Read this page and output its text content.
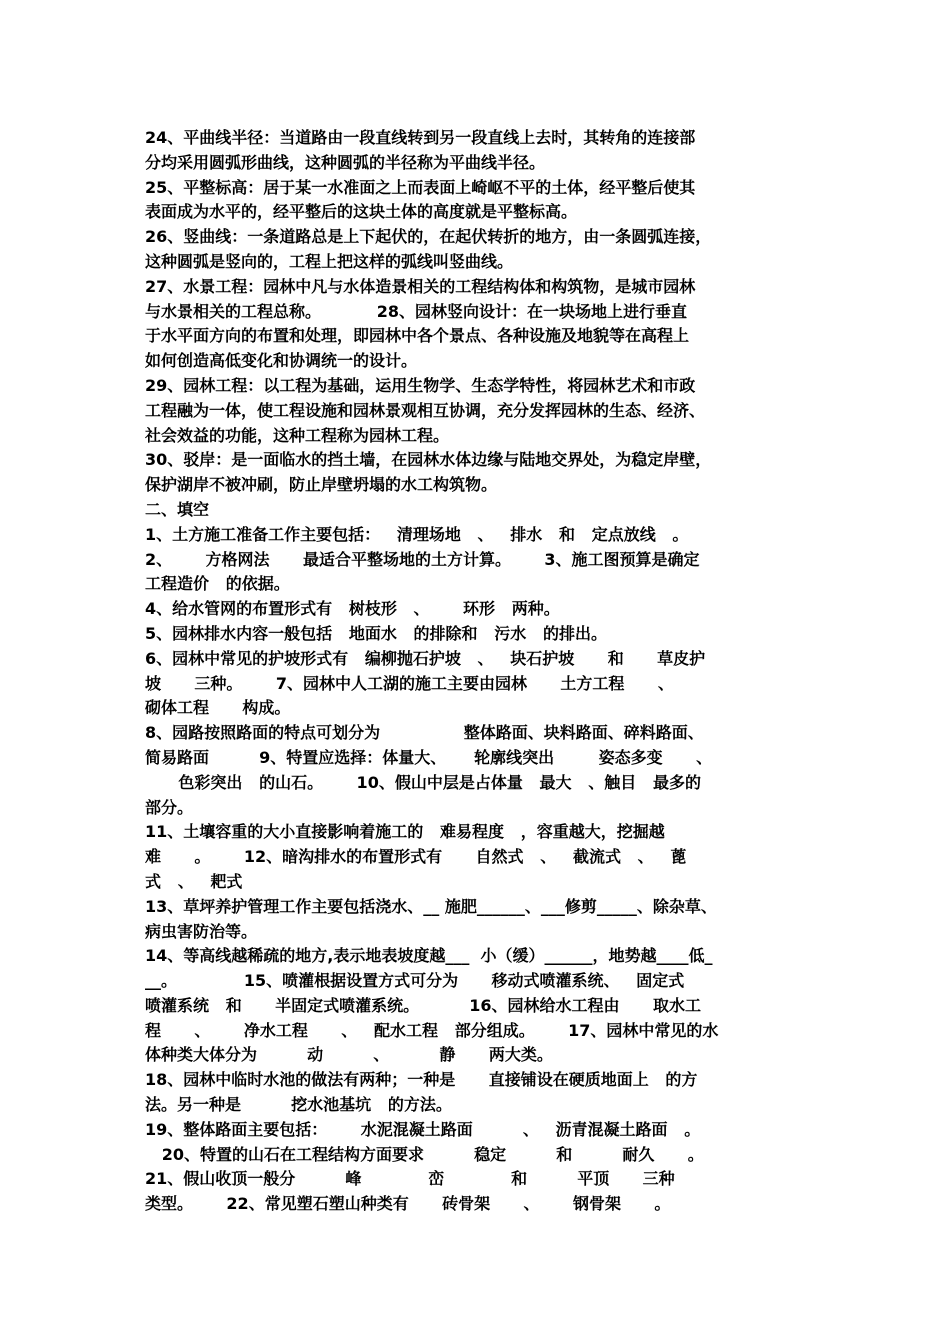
24、平曲线半径：当道路由一段直线转到另一段直线上去时，其转角的连接部
分均采用圆弧形曲线，这种圆弧的半径称为平曲线半径。
25、平整标高：居于某一水准面之上而表面上崎岖不平的土体，经平整后使其
表面成为水平的，经平整后的这块土体的高度就是平整标高。
26、竖曲线：一条道路总是上下起伏的，在起伏转折的地方，由一条圆弧连接，
这种圆弧是竖向的，工程上把这样的弧线叫竖曲线。
27、水景工程：园林中凡与水体造景相关的工程结构体和构筑物，是城市园林
与水景相关的工程总称。          28、园林竖向设计：在一块场地上进行垂直
于水平面方向的布置和处理，即园林中各个景点、各种设施及地貌等在高程上
如何创造高低变化和协调统一的设计。
29、园林工程：以工程为基础，运用生物学、生态学特性，将园林艺术和市政
工程融为一体，使工程设施和园林景观相互协调，充分发挥园林的生态、经济、
社会效益的功能，这种工程称为园林工程。
30、驳岸：是一面临水的挡土墙，在园林水体边缘与陆地交界处，为稳定岸壁，
保护湖岸不被冲刷，防止岸壁坍塌的水工构筑物。
二、填空
1、土方施工准备工作主要包括：   清理场地   、   排水   和   定点放线   。
2、      方格网法      最适合平整场地的土方计算。      3、施工图预算是确定
工程造价   的依据。
4、给水管网的布置形式有   树枝形   、      环形   两种。
5、园林排水内容一般包括   地面水   的排除和   污水   的排出。
6、园林中常见的护坡形式有   编柳抛石护坡   、   块石护坡      和      草皮护
坡      三种。      7、园林中人工湖的施工主要由园林      土方工程      、
砌体工程      构成。
8、园路按照路面的特点可划分为               整体路面、块料路面、碎料路面、
简易路面         9、特置应选择：体量大、     轮廓线突出        姿态多变      、
色彩突出   的山石。      10、假山中层是占体量   最大   、触目   最多的
部分。
11、土壤容重的大小直接影响着施工的   难易程度   ，容重越大，挖掘越
难      。      12、暗沟排水的布置形式有      自然式   、   截流式   、   蓖
式   、   耙式
13、草坪养护管理工作主要包括浇水、__ 施肥______、___修剪_____、除杂草、
病虫害防治等。
14、等高线越稀疏的地方,表示地表坡度越___  小（缓）______，地势越____低_
__。            15、喷灌根据设置方式可分为      移动式喷灌系统、   固定式
喷灌系统   和      半固定式喷灌系统。         16、园林给水工程由      取水工
程      、      净水工程      、   配水工程   部分组成。      17、园林中常见的水
体种类大体分为         动         、         静      两大类。
18、园林中临时水池的做法有两种；一种是      直接铺设在硬质地面上   的方
法。另一种是         挖水池基坑   的方法。
19、整体路面主要包括：      水泥混凝土路面         、   沥青混凝土路面   。
20、特置的山石在工程结构方面要求         稳定         和         耐久      。
21、假山收顶一般分         峰            峦            和         平顶      三种
类型。      22、常见塑石塑山种类有      砖骨架      、      钢骨架      。
